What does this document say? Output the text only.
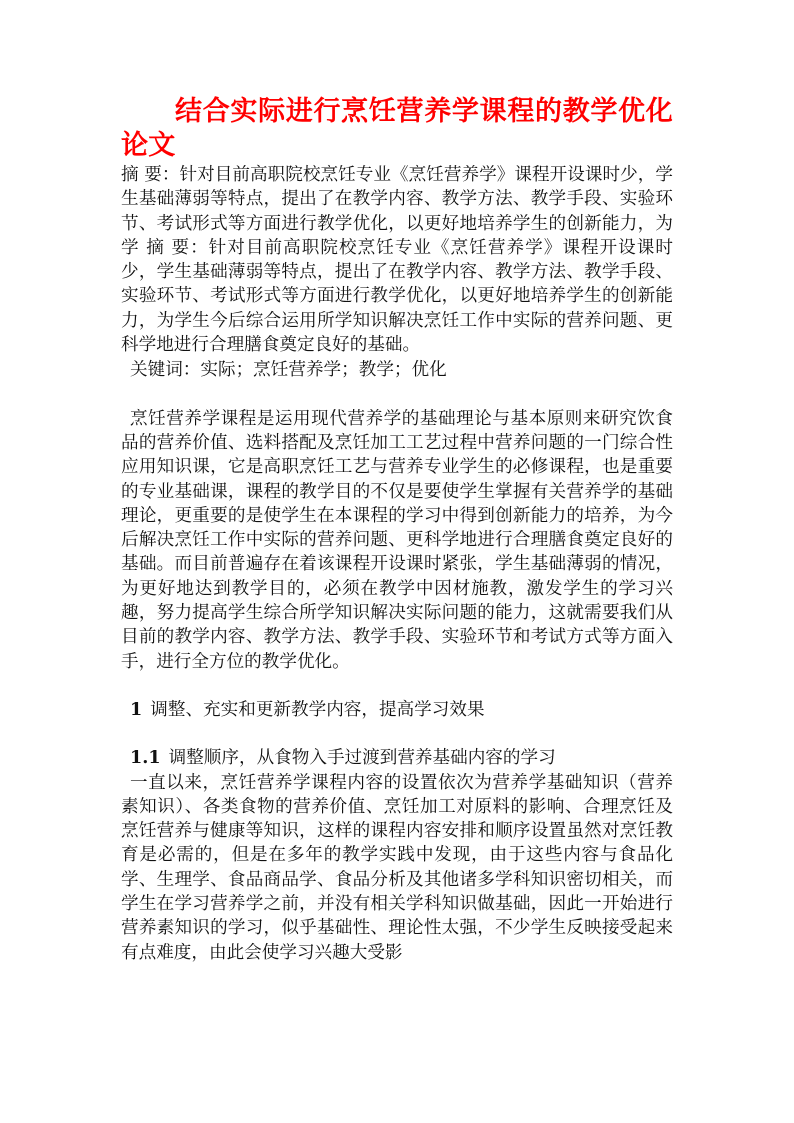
结合实际进行烹饪营养学课程的教学优化论文

摘 要：针对目前高职院校烹饪专业《烹饪营养学》课程开设课时少，学生基础薄弱等特点，提出了在教学内容、教学方法、教学手段、实验环节、考试形式等方面进行教学优化，以更好地培养学生的创新能力，为学 摘 要：针对目前高职院校烹饪专业《烹饪营养学》课程开设课时少，学生基础薄弱等特点，提出了在教学内容、教学方法、教学手段、实验环节、考试形式等方面进行教学优化，以更好地培养学生的创新能力，为学生今后综合运用所学知识解决烹饪工作中实际的营养问题、更科学地进行合理膳食奠定良好的基础。

关键词：实际；烹饪营养学；教学；优化

烹饪营养学课程是运用现代营养学的基础理论与基本原则来研究饮食品的营养价值、选料搭配及烹饪加工工艺过程中营养问题的一门综合性应用知识课，它是高职烹饪工艺与营养专业学生的必修课程，也是重要的专业基础课，课程的教学目的不仅是要使学生掌握有关营养学的基础理论，更重要的是使学生在本课程的学习中得到创新能力的培养，为今后解决烹饪工作中实际的营养问题、更科学地进行合理膳食奠定良好的基础。而目前普遍存在着该课程开设课时紧张，学生基础薄弱的情况，为更好地达到教学目的，必须在教学中因材施教，激发学生的学习兴趣，努力提高学生综合所学知识解决实际问题的能力，这就需要我们从目前的教学内容、教学方法、教学手段、实验环节和考试方式等方面入手，进行全方位的教学优化。

1 调整、充实和更新教学内容，提高学习效果

1.1 调整顺序，从食物入手过渡到营养基础内容的学习

一直以来，烹饪营养学课程内容的设置依次为营养学基础知识（营养素知识）、各类食物的营养价值、烹饪加工对原料的影响、合理烹饪及烹饪营养与健康等知识，这样的课程内容安排和顺序设置虽然对烹饪教育是必需的，但是在多年的教学实践中发现，由于这些内容与食品化学、生理学、食品商品学、食品分析及其他诸多学科知识密切相关，而学生在学习营养学之前，并没有相关学科知识做基础，因此一开始进行营养素知识的学习，似乎基础性、理论性太强，不少学生反映接受起来有点难度，由此会使学习兴趣大受影
